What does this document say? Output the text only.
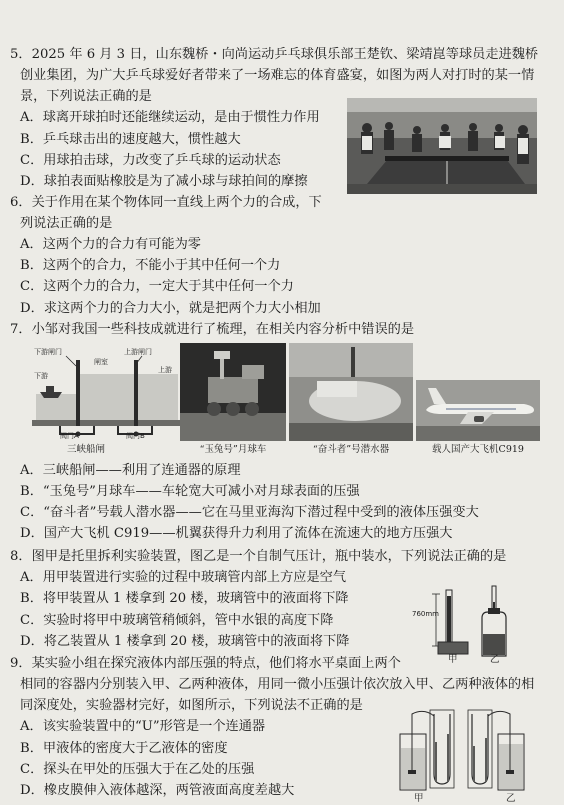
5．2025 年 6 月 3 日，山东魏桥・向尚运动乒乓球俱乐部王楚钦、梁靖崑等球员走进魏桥
创业集团，为广大乒乓球爱好者带来了一场难忘的体育盛宴，如图为两人对打时的某一情
景，下列说法正确的是
A．球离开球拍时还能继续运动，是由于惯性力作用
B．乒乓球击出的速度越大，惯性越大
C．用球拍击球，力改变了乒乓球的运动状态
D．球拍表面贴橡胶是为了减小球与球拍间的摩擦
6．关于作用在某个物体同一直线上两个力的合成，下
列说法正确的是
A．这两个力的合力有可能为零
B．这两个的合力，不能小于其中任何一个力
C．这两个力的合力，一定大于其中任何一个力
D．求这两个力的合力大小，就是把两个力大小相加
7．小邹对我国一些科技成就进行了梳理，在相关内容分析中错误的是
下游闸门
闸室
上游闸门
下游
上游
阀门A	阀门B
三峡船闸	“玉兔号”月球车	“奋斗者”号潜水器	载人国产大飞机C919
A．三峡船闸——利用了连通器的原理
B．“玉兔号”月球车——车轮宽大可减小对月球表面的压强
C．“奋斗者”号载人潜水器——它在马里亚海沟下潜过程中受到的液体压强变大
D．国产大飞机 C919——机翼获得升力利用了流体在流速大的地方压强大
8．图甲是托里拆利实验装置，图乙是一个自制气压计，瓶中装水，下列说法正确的是
A．用甲装置进行实验的过程中玻璃管内部上方应是空气
B．将甲装置从 1 楼拿到 20 楼，玻璃管中的液面将下降
C．实验时将甲中玻璃管稍倾斜，管中水银的高度下降
D．将乙装置从 1 楼拿到 20 楼，玻璃管中的液面将下降
760mm
甲	乙
9．某实验小组在探究液体内部压强的特点，他们将水平桌面上两个
相同的容器内分别装入甲、乙两种液体，用同一微小压强计依次放入甲、乙两种液体的相
同深度处，实验器材完好，如图所示，下列说法不正确的是
A．该实验装置中的“U”形管是一个连通器
B．甲液体的密度大于乙液体的密度
C．探头在甲处的压强大于在乙处的压强
D．橡皮膜伸入液体越深，两管液面高度差越大
甲	乙
